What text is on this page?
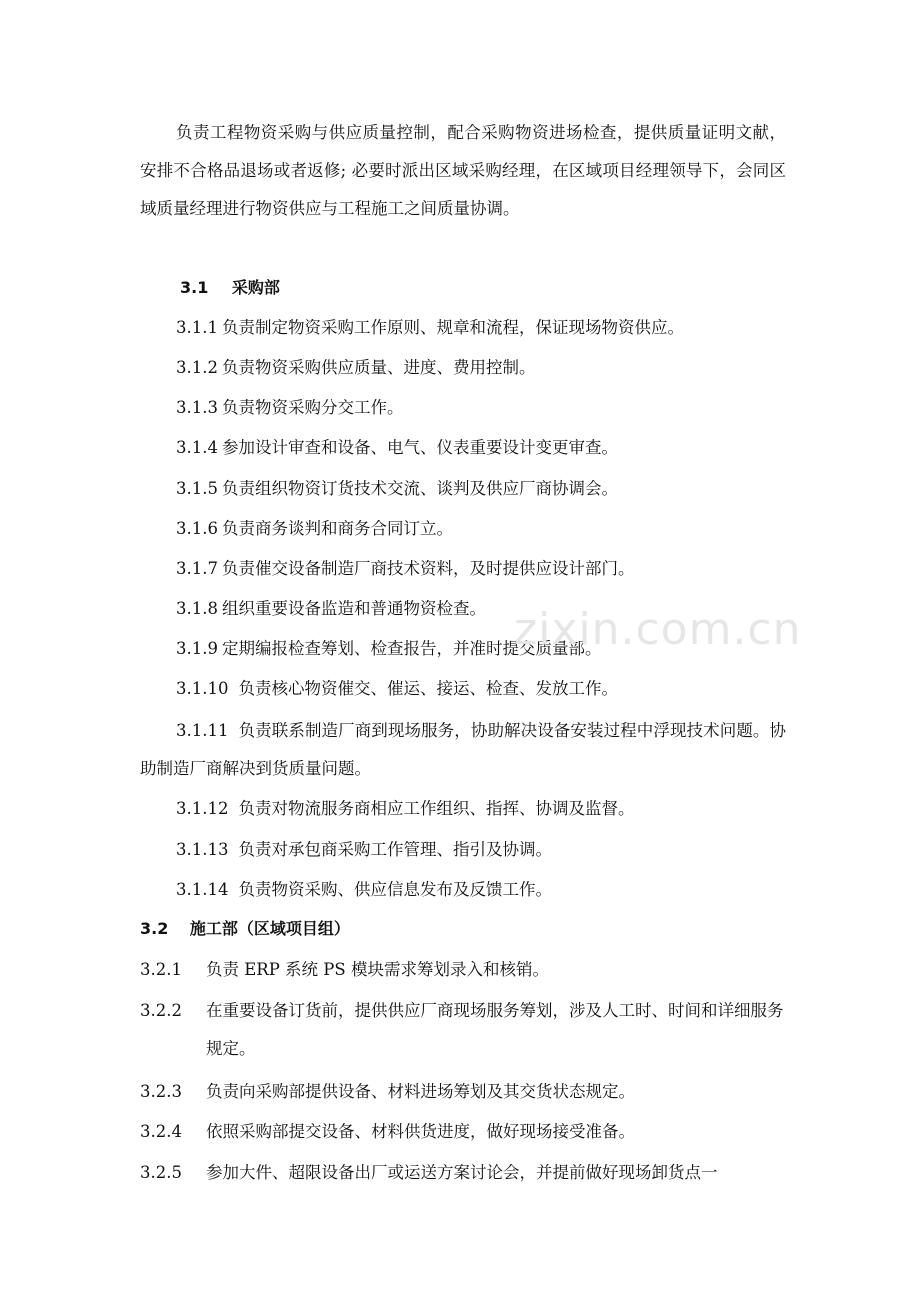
负责工程物资采购与供应质量控制，配合采购物资进场检查，提供质量证明文献，安排不合格品退场或者返修; 必要时派出区域采购经理，在区域项目经理领导下，会同区域质量经理进行物资供应与工程施工之间质量协调。

3.1 采购部

3.1.1 负责制定物资采购工作原则、规章和流程，保证现场物资供应。

3.1.2 负责物资采购供应质量、进度、费用控制。

3.1.3 负责物资采购分交工作。

3.1.4 参加设计审查和设备、电气、仪表重要设计变更审查。

3.1.5 负责组织物资订货技术交流、谈判及供应厂商协调会。

3.1.6 负责商务谈判和商务合同订立。

3.1.7 负责催交设备制造厂商技术资料，及时提供应设计部门。

3.1.8 组织重要设备监造和普通物资检查。

3.1.9 定期编报检查筹划、检查报告，并准时提交质量部。

3.1.10 负责核心物资催交、催运、接运、检查、发放工作。

3.1.11 负责联系制造厂商到现场服务，协助解决设备安装过程中浮现技术问题。协助制造厂商解决到货质量问题。

3.1.12 负责对物流服务商相应工作组织、指挥、协调及监督。

3.1.13 负责对承包商采购工作管理、指引及协调。

3.1.14 负责物资采购、供应信息发布及反馈工作。

3.2 施工部（区域项目组）
3.2.1 负责 ERP 系统 PS 模块需求筹划录入和核销。
3.2.2 在重要设备订货前，提供供应厂商现场服务筹划，涉及人工时、时间和详细服务规定。
3.2.3 负责向采购部提供设备、材料进场筹划及其交货状态规定。
3.2.4 依照采购部提交设备、材料供货进度，做好现场接受准备。
3.2.5 参加大件、超限设备出厂或运送方案讨论会，并提前做好现场卸货点一
zixin.com.cn
